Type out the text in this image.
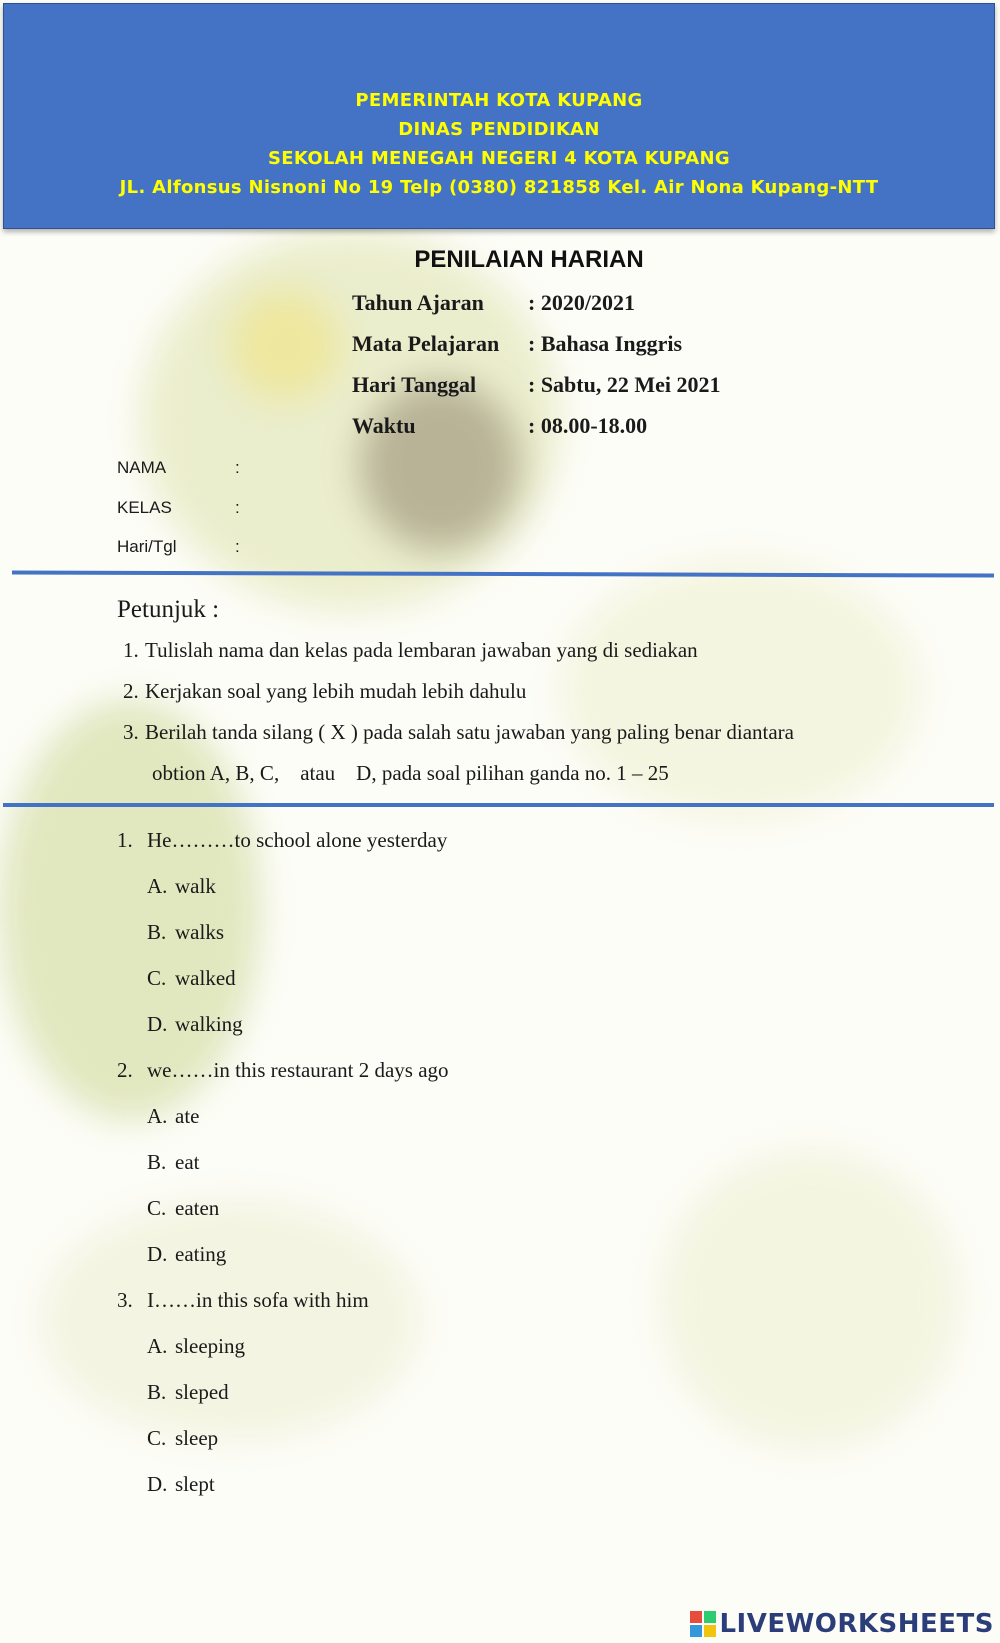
PEMERINTAH KOTA KUPANG
DINAS PENDIDIKAN
SEKOLAH MENEGAH NEGERI 4 KOTA KUPANG
JL. Alfonsus Nisnoni No 19 Telp (0380) 821858 Kel. Air Nona Kupang-NTT
PENILAIAN HARIAN
Tahun Ajaran	: 2020/2021
Mata Pelajaran	: Bahasa Inggris
Hari Tanggal	: Sabtu, 22 Mei 2021
Waktu	: 08.00-18.00
NAMA	:
KELAS	:
Hari/Tgl	:
Petunjuk :
1. Tulislah nama dan kelas pada lembaran jawaban yang di sediakan
2. Kerjakan soal yang lebih mudah lebih dahulu
3. Berilah tanda silang ( X ) pada salah satu jawaban yang paling benar diantara
obtion A, B, C,    atau    D, pada soal pilihan ganda no. 1 – 25
1. He………to school alone yesterday
A. walk
B. walks
C. walked
D. walking
2. we……in this restaurant 2 days ago
A. ate
B. eat
C. eaten
D. eating
3. I……in this sofa with him
A. sleeping
B. sleped
C. sleep
D. slept
LIVEWORKSHEETS
